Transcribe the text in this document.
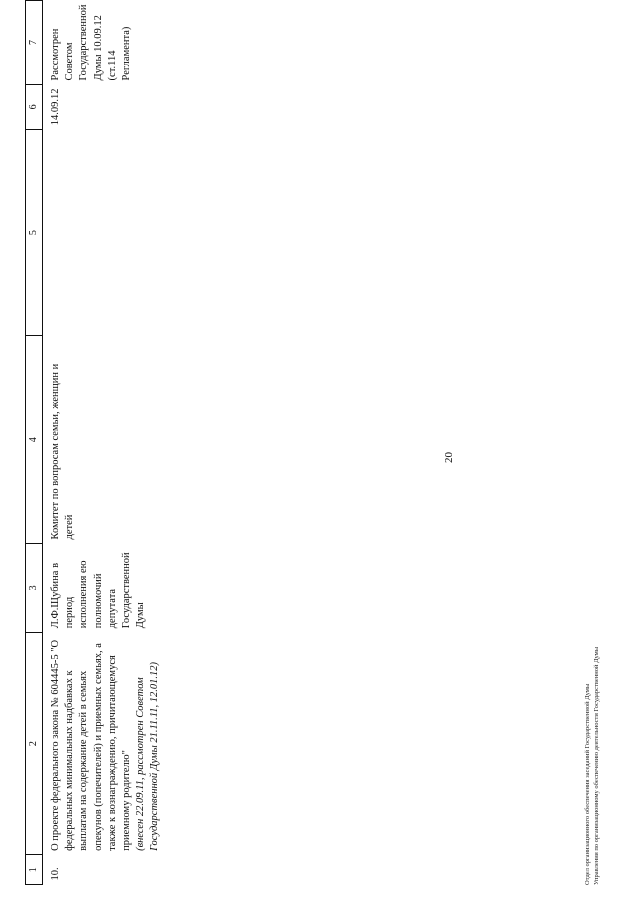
20
1	2	3	4	5	6	7
10.	О проекте федерального закона № 604445-5 "О федеральных минимальных надбавках к выплатам на содержание детей в семьях опекунов (попечителей) и приемных семьях, а также к вознаграждению, причитающемуся приемному родителю" (внесен 22.09.11, рассмотрен Советом Государственной Думы 21.11.11, 12.01.12)	Л.Ф.Щубина в период исполнения ею полномочий депутата Государственной Думы	Комитет по вопросам семьи, женщин и детей		14.09.12	Рассмотрен Советом Государственной Думы 10.09.12 (ст.114 Регламента)
Отдел организационного обеспечения заседаний Государственной Думы Управления по организационному обеспечению деятельности Государственной Думы
